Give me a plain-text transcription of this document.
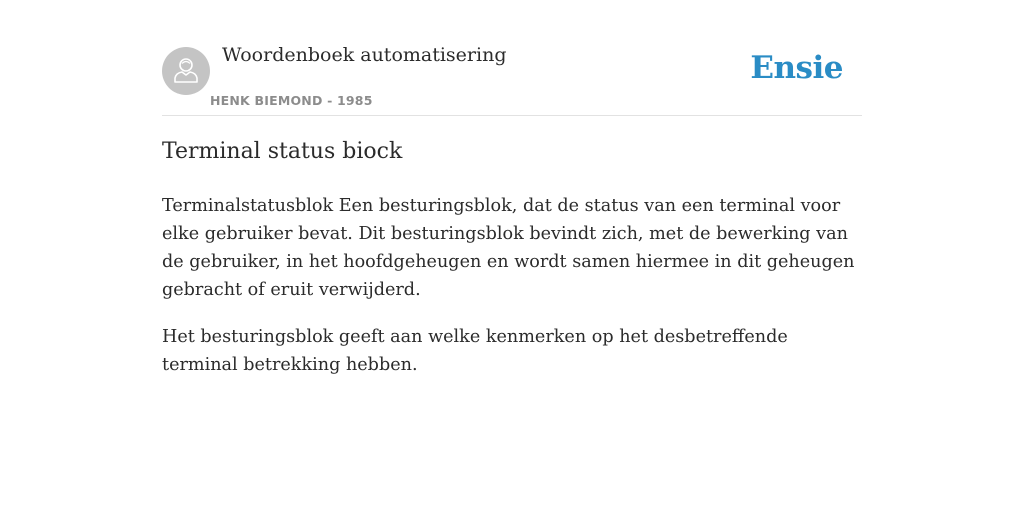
Woordenboek automatisering
HENK BIEMOND - 1985
Ensie
Terminal status biock

Terminalstatusblok Een besturingsblok, dat de status van een terminal voor elke gebruiker bevat. Dit besturingsblok bevindt zich, met de bewerking van de gebruiker, in het hoofdgeheugen en wordt samen hiermee in dit geheugen gebracht of eruit verwijderd.

Het besturingsblok geeft aan welke kenmerken op het desbetreffende terminal betrekking hebben.
